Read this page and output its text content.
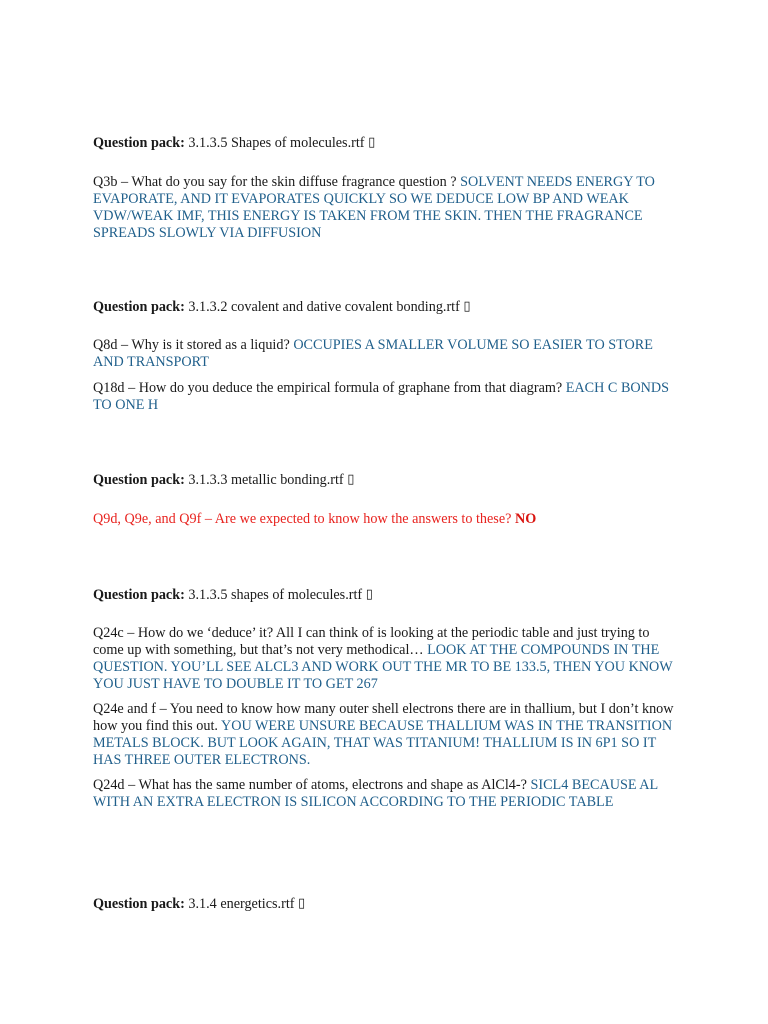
Question pack: 3.1.3.5 Shapes of molecules.rtf ▯

Q3b – What do you say for the skin diffuse fragrance question ? SOLVENT NEEDS ENERGY TO EVAPORATE, AND IT EVAPORATES QUICKLY SO WE DEDUCE LOW BP AND WEAK VDW/WEAK IMF, THIS ENERGY IS TAKEN FROM THE SKIN. THEN THE FRAGRANCE SPREADS SLOWLY VIA DIFFUSION

Question pack: 3.1.3.2 covalent and dative covalent bonding.rtf ▯

Q8d – Why is it stored as a liquid? OCCUPIES A SMALLER VOLUME SO EASIER TO STORE AND TRANSPORT

Q18d – How do you deduce the empirical formula of graphane from that diagram? EACH C BONDS TO ONE H

Question pack: 3.1.3.3 metallic bonding.rtf ▯

Q9d, Q9e, and Q9f – Are we expected to know how the answers to these? NO

Question pack: 3.1.3.5 shapes of molecules.rtf ▯

Q24c – How do we ‘deduce’ it? All I can think of is looking at the periodic table and just trying to come up with something, but that’s not very methodical… LOOK AT THE COMPOUNDS IN THE QUESTION. YOU’LL SEE ALCL3 AND WORK OUT THE MR TO BE 133.5, THEN YOU KNOW YOU JUST HAVE TO DOUBLE IT TO GET 267

Q24e and f – You need to know how many outer shell electrons there are in thallium, but I don’t know how you find this out. YOU WERE UNSURE BECAUSE THALLIUM WAS IN THE TRANSITION METALS BLOCK. BUT LOOK AGAIN, THAT WAS TITANIUM! THALLIUM IS IN 6P1 SO IT HAS THREE OUTER ELECTRONS.

Q24d – What has the same number of atoms, electrons and shape as AlCl4-? SICL4 BECAUSE AL WITH AN EXTRA ELECTRON IS SILICON ACCORDING TO THE PERIODIC TABLE

Question pack: 3.1.4 energetics.rtf ▯
